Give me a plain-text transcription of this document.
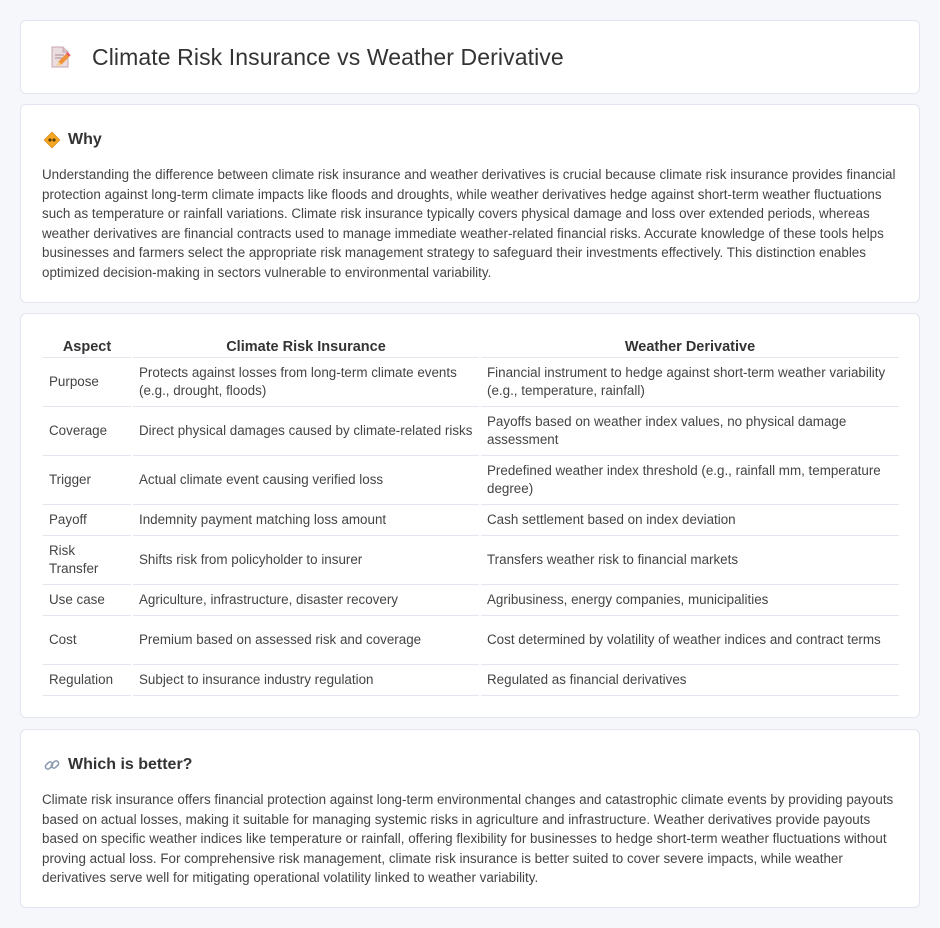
Climate Risk Insurance vs Weather Derivative
Why

Understanding the difference between climate risk insurance and weather derivatives is crucial because climate risk insurance provides financial protection against long-term climate impacts like floods and droughts, while weather derivatives hedge against short-term weather fluctuations such as temperature or rainfall variations. Climate risk insurance typically covers physical damage and loss over extended periods, whereas weather derivatives are financial contracts used to manage immediate weather-related financial risks. Accurate knowledge of these tools helps businesses and farmers select the appropriate risk management strategy to safeguard their investments effectively. This distinction enables optimized decision-making in sectors vulnerable to environmental variability.

Aspect	Climate Risk Insurance	Weather Derivative
Purpose	Protects against losses from long-term climate events (e.g., drought, floods)	Financial instrument to hedge against short-term weather variability (e.g., temperature, rainfall)
Coverage	Direct physical damages caused by climate-related risks	Payoffs based on weather index values, no physical damage assessment
Trigger	Actual climate event causing verified loss	Predefined weather index threshold (e.g., rainfall mm, temperature degree)
Payoff	Indemnity payment matching loss amount	Cash settlement based on index deviation
Risk Transfer	Shifts risk from policyholder to insurer	Transfers weather risk to financial markets
Use case	Agriculture, infrastructure, disaster recovery	Agribusiness, energy companies, municipalities
Cost	Premium based on assessed risk and coverage	Cost determined by volatility of weather indices and contract terms
Regulation	Subject to insurance industry regulation	Regulated as financial derivatives
Which is better?

Climate risk insurance offers financial protection against long-term environmental changes and catastrophic climate events by providing payouts based on actual losses, making it suitable for managing systemic risks in agriculture and infrastructure. Weather derivatives provide payouts based on specific weather indices like temperature or rainfall, offering flexibility for businesses to hedge short-term weather fluctuations without proving actual loss. For comprehensive risk management, climate risk insurance is better suited to cover severe impacts, while weather derivatives serve well for mitigating operational volatility linked to weather variability.
